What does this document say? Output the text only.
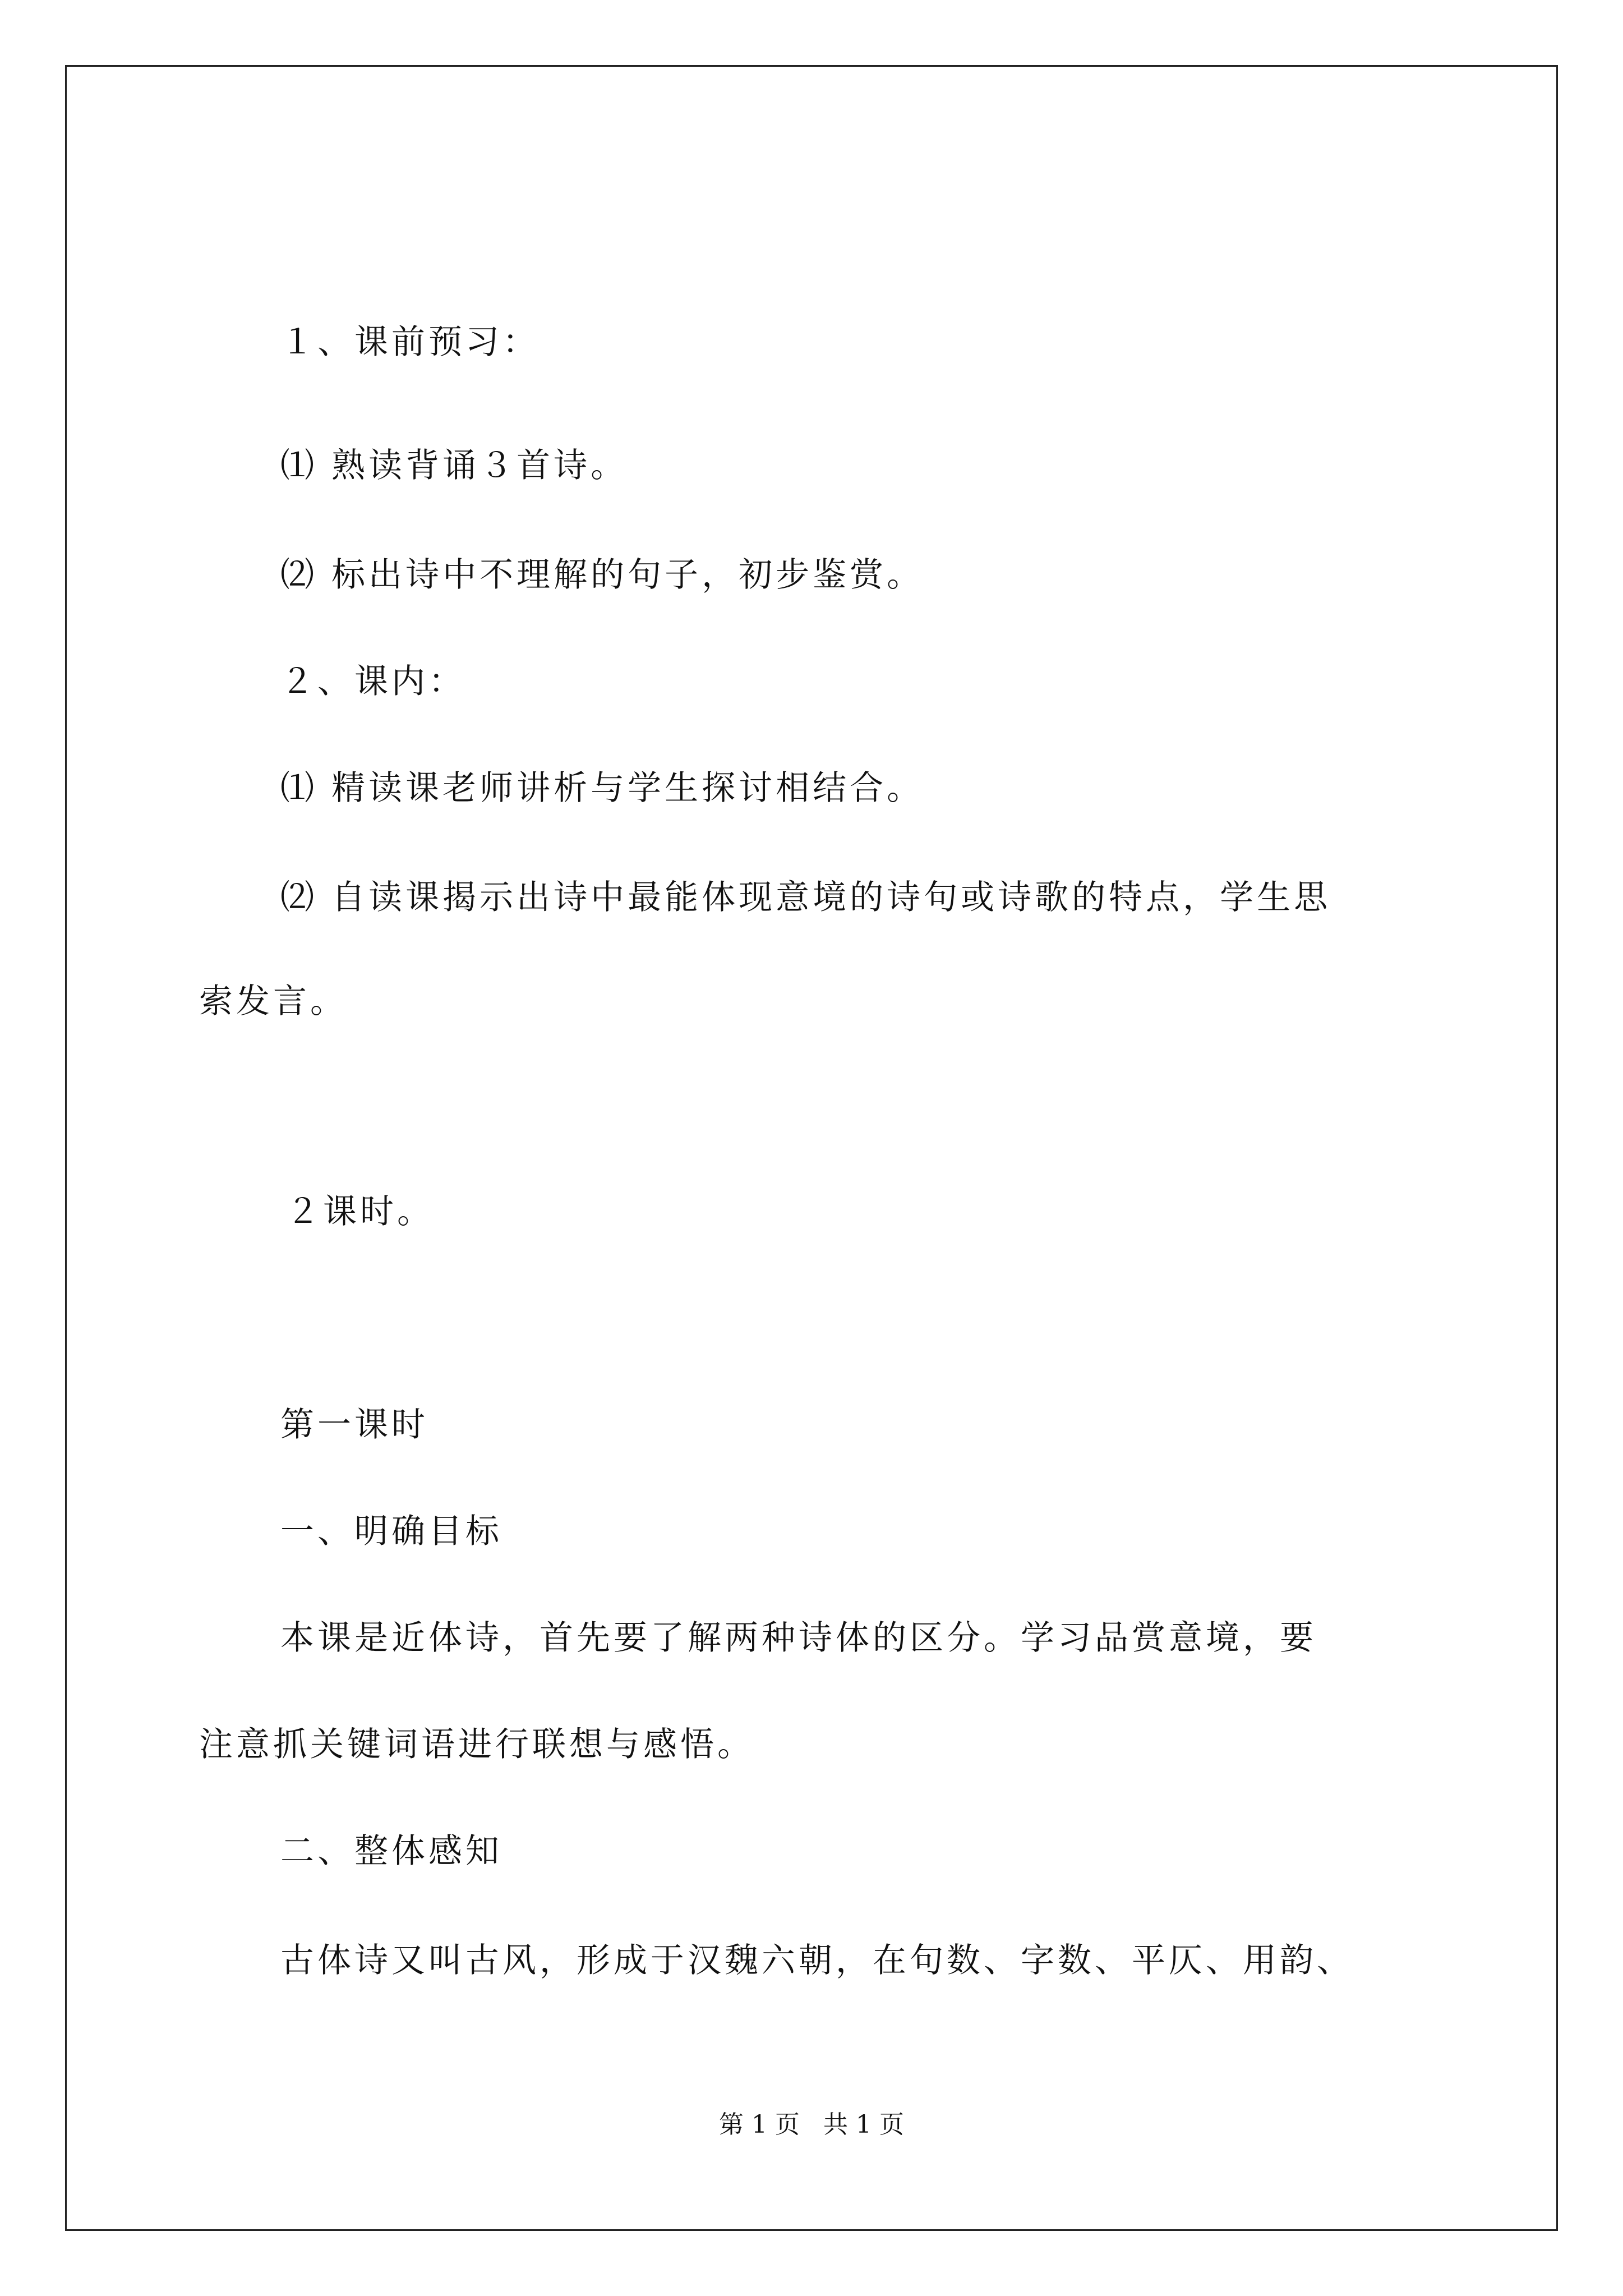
１、课前预习：
⑴ 熟读背诵３首诗。
⑵ 标出诗中不理解的句子，初步鉴赏。
２、课内：
⑴ 精读课老师讲析与学生探讨相结合。
⑵ 自读课揭示出诗中最能体现意境的诗句或诗歌的特点，学生思
索发言。
２课时。
第一课时
一、明确目标
本课是近体诗，首先要了解两种诗体的区分。学习品赏意境，要
注意抓关键词语进行联想与感悟。
二、整体感知
古体诗又叫古风，形成于汉魏六朝，在句数、字数、平仄、用韵、
第 1 页 共 1 页
